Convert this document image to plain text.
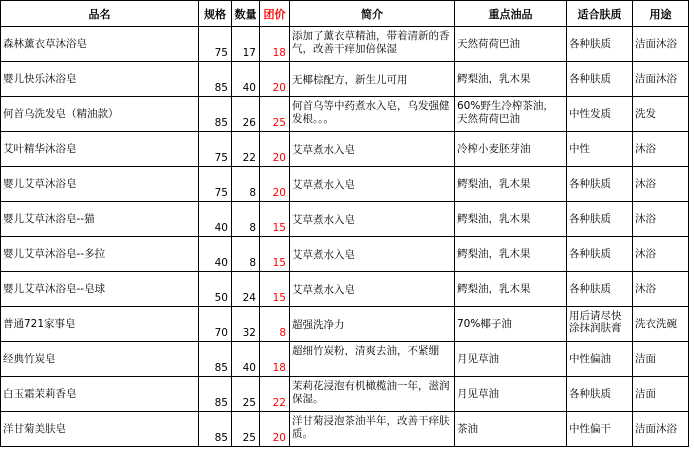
品名	规格	数量	团价	简介	重点油品	适合肤质	用途
森林薰衣草沐浴皂	75	17	18	添加了薰衣草精油，带着清新的香气，改善干痒加倍保湿	天然荷荷巴油	各种肤质	洁面沐浴
婴儿快乐沐浴皂	85	40	20	无椰棕配方，新生儿可用	鳄梨油，乳木果	各种肤质	洁面沐浴
何首乌洗发皂（精油款）	85	26	25	何首乌等中药煮水入皂，乌发强健发根。。。	60%野生冷榨茶油，天然荷荷巴油	中性发质	洗发
艾叶精华沐浴皂	75	22	20	艾草煮水入皂	冷榨小麦胚芽油	中性	沐浴
婴儿艾草沐浴皂	75	8	20	艾草煮水入皂	鳄梨油，乳木果	各种肤质	沐浴
婴儿艾草沐浴皂--猫	40	8	15	艾草煮水入皂	鳄梨油，乳木果	各种肤质	沐浴
婴儿艾草沐浴皂--多拉	40	8	15	艾草煮水入皂	鳄梨油，乳木果	各种肤质	沐浴
婴儿艾草沐浴皂--皂球	50	24	15	艾草煮水入皂	鳄梨油，乳木果	各种肤质	沐浴
普通721家事皂	70	32	8	超强洗净力	70%椰子油	用后请尽快涂抹润肤膏	洗衣洗碗
经典竹炭皂	85	40	18	超细竹炭粉，清爽去油，不紧绷	月见草油	中性偏油	洁面
白玉霜茉莉香皂	85	25	22	茉莉花浸泡有机橄榄油一年，滋润保湿。	月见草油	各种肤质	洁面
洋甘菊美肤皂	85	25	20	洋甘菊浸泡茶油半年，改善干痒肤质。	茶油	中性偏干	洁面沐浴
